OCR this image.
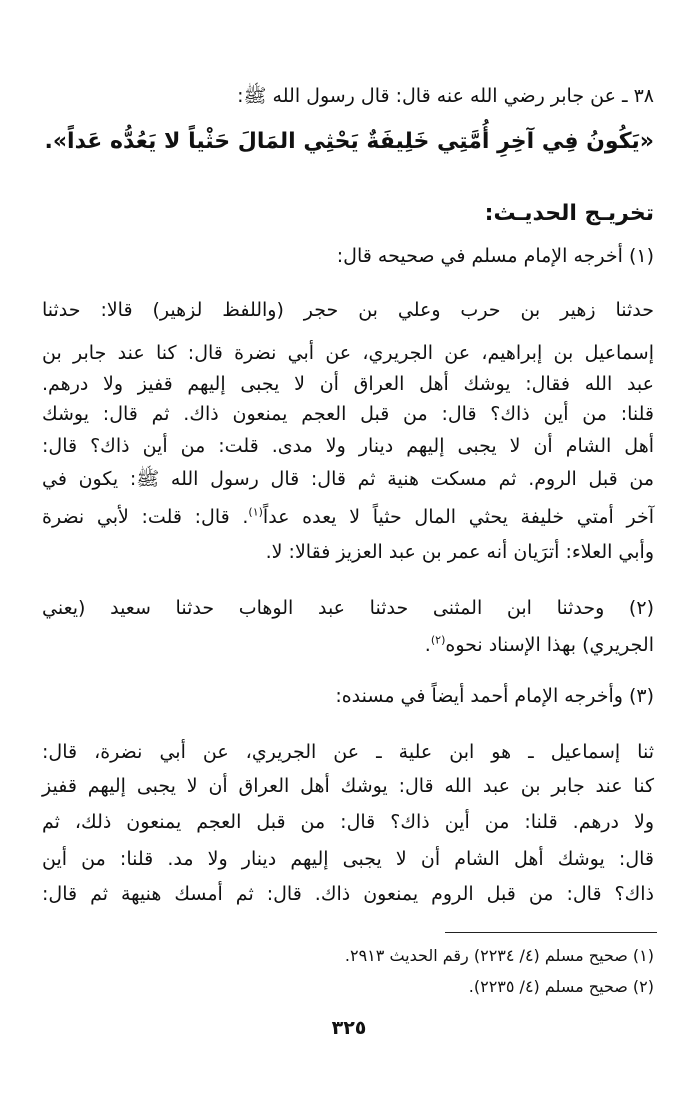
٣٨ ـ عن جابر رضي الله عنه قال: قال رسول الله ﷺ:
«يَكُونُ فِي آخِرِ أُمَّتِي خَلِيفَةٌ يَحْثِي المَالَ حَثْياً لا يَعُدُّه عَداً».
تخريـج الحديـث:
(١) أخرجه الإمام مسلم في صحيحه قال:
حدثنا زهير بن حرب وعلي بن حجر (واللفظ لزهير) قالا: حدثنا
إسماعيل بن إبراهيم، عن الجريري، عن أبي نضرة قال: كنا عند جابر بن
عبد الله فقال: يوشك أهل العراق أن لا يجبى إليهم قفيز ولا درهم.
قلنا: من أين ذاك؟ قال: من قبل العجم يمنعون ذاك. ثم قال: يوشك
أهل الشام أن لا يجبى إليهم دينار ولا مدى. قلت: من أين ذاك؟ قال:
من قبل الروم. ثم مسكت هنية ثم قال: قال رسول الله ﷺ: يكون في
آخر أمتي خليفة يحثي المال حثياً لا يعده عداً$^{(١)}$. قال: قلت: لأبي نضرة
وأبي العلاء: أترَيان أنه عمر بن عبد العزيز فقالا: لا.
(٢) وحدثنا ابن المثنى حدثنا عبد الوهاب حدثنا سعيد (يعني
الجريري) بهذا الإسناد نحوه$^{(٢)}$.
(٣) وأخرجه الإمام أحمد أيضاً في مسنده:
ثنا إسماعيل ـ هو ابن علية ـ عن الجريري، عن أبي نضرة، قال:
كنا عند جابر بن عبد الله قال: يوشك أهل العراق أن لا يجبى إليهم قفيز
ولا درهم. قلنا: من أين ذاك؟ قال: من قبل العجم يمنعون ذلك، ثم
قال: يوشك أهل الشام أن لا يجبى إليهم دينار ولا مد. قلنا: من أين
ذاك؟ قال: من قبل الروم يمنعون ذاك. قال: ثم أمسك هنيهة ثم قال:
(١) صحيح مسلم (٤/ ٢٢٣٤) رقم الحديث ٢٩١٣.
(٢) صحيح مسلم (٤/ ٢٢٣٥).
٣٢٥
